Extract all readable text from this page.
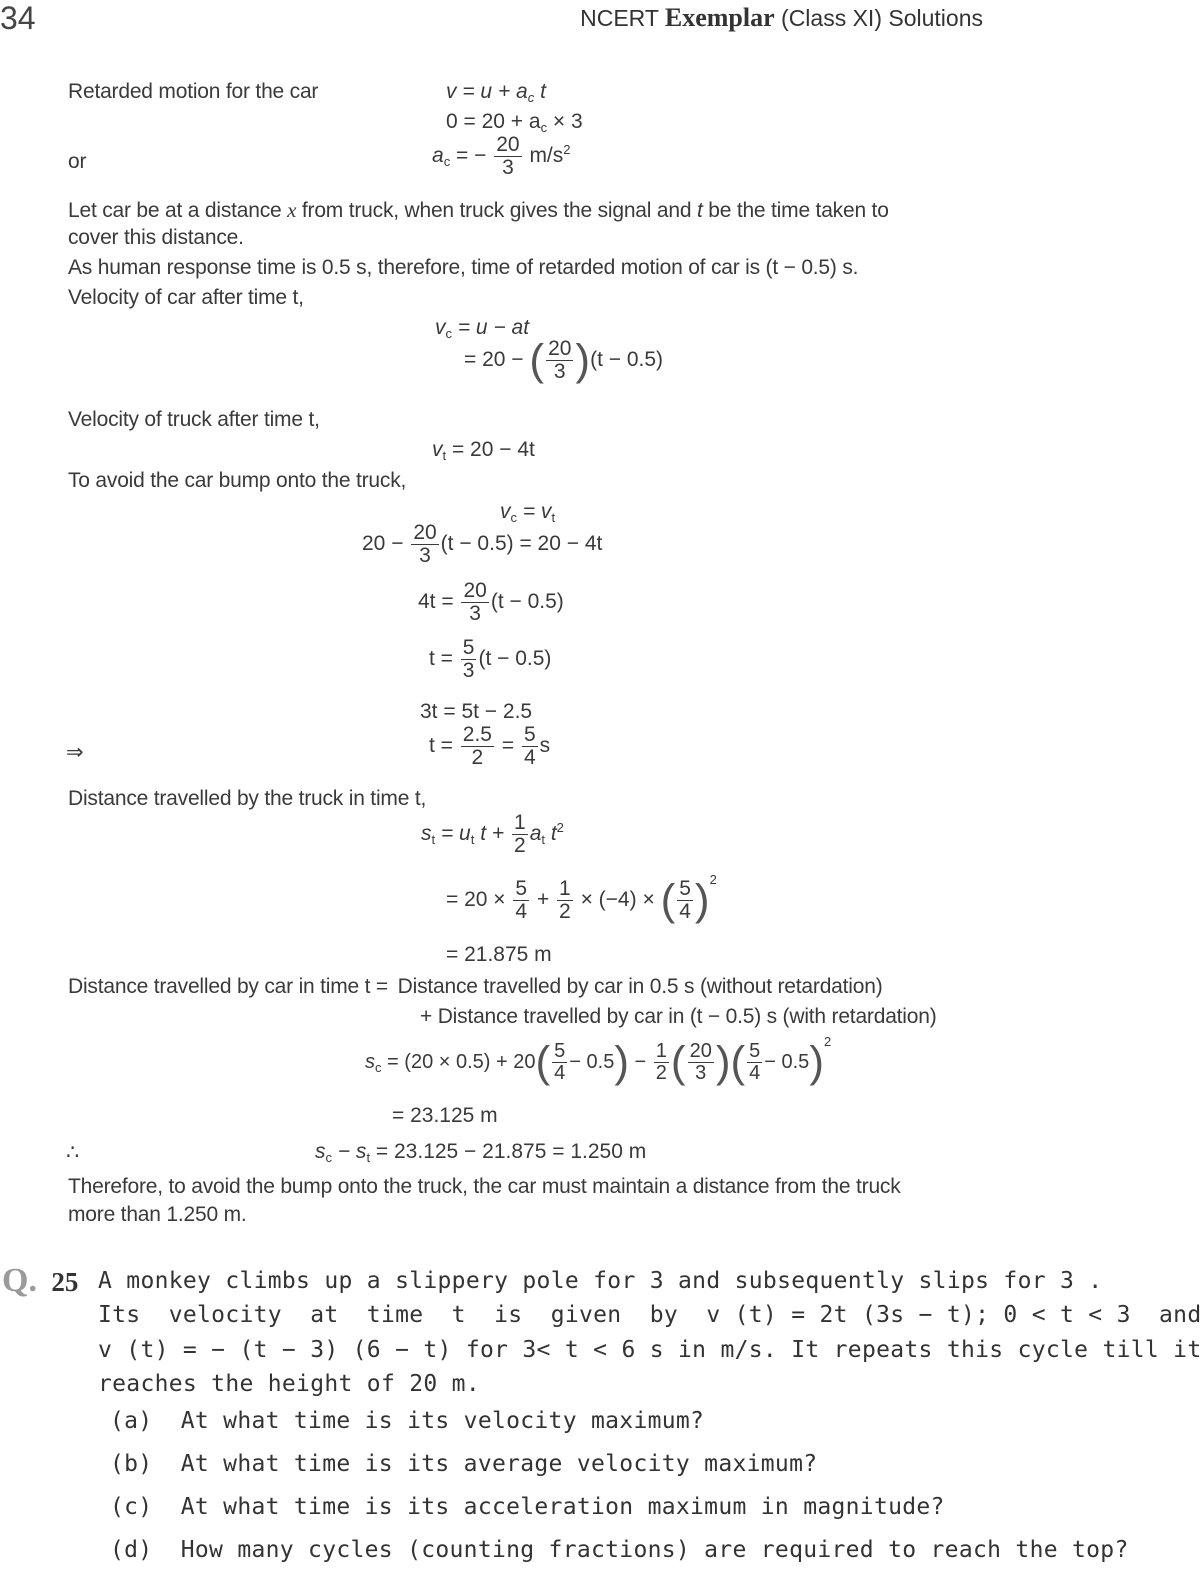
34	NCERT Exemplar (Class XI) Solutions
Retarded motion for the car	$v = u + a_c$ t
$0 = 20 + a_c \times 3$
or	$a_c$ = − $\frac{20}{3} m/s^2$
Let car be at a distance x from truck, when truck gives the signal and t be the time taken to
cover this distance.
As human response time is 0.5 s, therefore, time of retarded motion of car is (t − 0.5) s.
Velocity of car after time t,
$v_c = u$ − at
= 20 − ( $\frac{20}{3} )(t - 0.5)$
Velocity of truck after time t,
$v_t = 20 - 4t$
To avoid the car bump onto the truck,
$v_c = v_t$
$20 - \frac{20}{3} (t - 0.5) = 20 - 4t$
$4t = \frac{20}{3} (t - 0.5)$
$t = \frac{5}{3} (t - 0.5)$
3t = 5t − 2.5
⇒	$t = \frac{2.5}{2} = \frac{5}{4}$ s
Distance travelled by the truck in time t,
$s_t = u_t$ $t + \frac{1}{2} a_t$ $t^2$
= $20 \times \frac{5}{4} + \frac{1}{2} \times (-4)$ × ( $\frac{5}{4} )^2$
= 21.875 m
Distance travelled by car in time t = Distance travelled by car in 0.5 s (without retardation)
+ Distance travelled by car in (t − 0.5) s (with retardation)
$s_c = (20 \times 0.5) + 20( \frac{5}{4} - 0.5) - \frac{1}{2}$ ( $\frac{20}{3}$ )( $\frac{5}{4} - 0.5)^2$
= 23.125 m
∴	$s_c - s_t = 23.125 - 21.875 = 1.250$ m
Therefore, to avoid the bump onto the truck, the car must maintain a distance from the truck
more than 1.250 m.
Q. 25 A monkey climbs up a slippery pole for 3 and subsequently slips for 3 .
Its  velocity  at  time  t  is  given  by  v (t) = 2t (3s − t); 0 < t < 3  and
v (t) = − (t − 3) (6 − t) for 3< t < 6 s in m/s. It repeats this cycle till it
reaches the height of 20 m.
(a)  At what time is its velocity maximum?
(b)  At what time is its average velocity maximum?
(c)  At what time is its acceleration maximum in magnitude?
(d)  How many cycles (counting fractions) are required to reach the top?
